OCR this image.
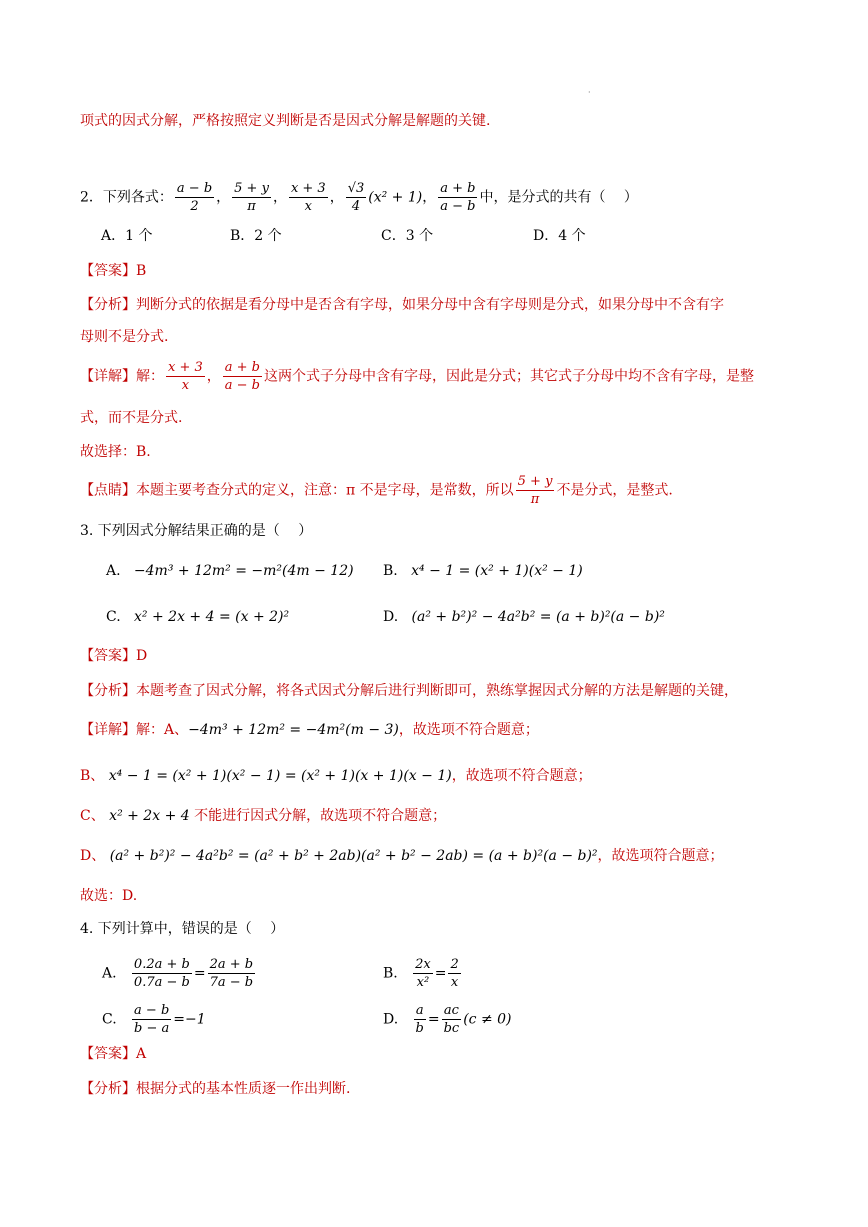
·
项式的因式分解，严格按照定义判断是否是因式分解是解题的关键.
2．下列各式： $\frac{a - b}{2}$ ， $\frac{5 + y}{\pi}$ ， $\frac{x + 3}{x}$ ， $\frac{√3}{4} (x^2 + 1)$， $\frac{a + b}{a - b}$ 中，是分式的共有（　 ）
A．1 个	B．2 个	C．3 个	D．4 个
【答案】B
【分析】判断分式的依据是看分母中是否含有字母，如果分母中含有字母则是分式，如果分母中不含有字
母则不是分式.
【详解】解： $\frac{x + 3}{x}$ ， $\frac{a + b}{a - b}$ 这两个式子分母中含有字母，因此是分式；其它式子分母中均不含有字母，是整
式，而不是分式.
故选择：B.
【点睛】本题主要考查分式的定义，注意：π 不是字母，是常数，所以 $\frac{5 + y}{\pi}$ 不是分式，是整式.
3. 下列因式分解结果正确的是（　 ）
A. −4m³ + 12m² = −m²(4m − 12) B. x⁴ − 1 = (x² + 1)(x² − 1)
C. x² + 2x + 4 = (x + 2)²	D. (a² + b²)² − 4a²b² = (a + b)²(a − b)²
【答案】D
【分析】本题考查了因式分解，将各式因式分解后进行判断即可，熟练掌握因式分解的方法是解题的关键，
【详解】解：A、−4m³ + 12m² = −4m²(m − 3)，故选项不符合题意；
B、 x⁴ − 1 = (x² + 1)(x² − 1) = (x² + 1)(x + 1)(x − 1)，故选项不符合题意；
C、 x² + 2x + 4 不能进行因式分解，故选项不符合题意；
D、 (a² + b²)² − 4a²b² = (a² + b² + 2ab)(a² + b² − 2ab) = (a + b)²(a − b)²，故选项符合题意；
故选：D.
4. 下列计算中，错误的是（　 ）
A. $\frac{0.2a + b}{0.7a - b} = \frac{2a + b}{7a - b}$	B. $\frac{2x}{\text{x²}} = \frac{2}{x}$
C. $\frac{a - b}{b - a} =-1$	D. $\frac{a}{b} = \frac{ac}{bc} (c \ne 0)$
【答案】A
【分析】根据分式的基本性质逐一作出判断.
